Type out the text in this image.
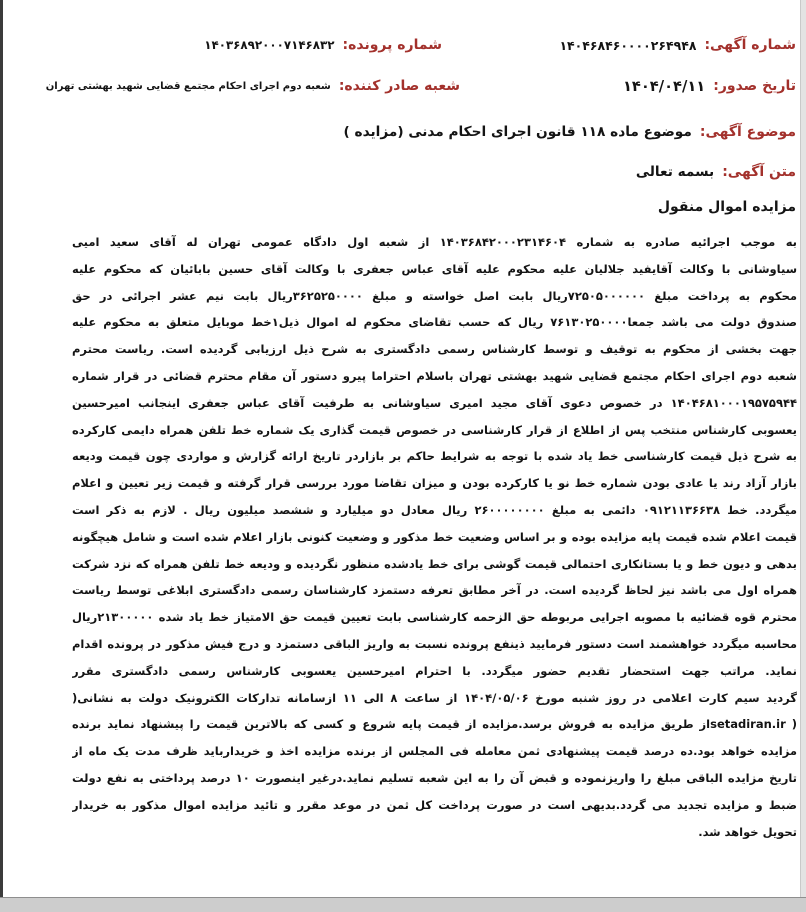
شماره آگهی:
۱۴۰۴۶۸۴۶۰۰۰۰۲۶۴۹۴۸
شماره پرونده:
۱۴۰۳۶۸۹۲۰۰۰۷۱۴۶۸۳۲
تاریخ صدور:
۱۴۰۴/۰۴/۱۱
شعبه صادر کننده:
شعبه دوم اجرای احکام مجتمع قضایی شهید بهشتی تهران
موضوع آگهی:
موضوع ماده ۱۱۸ قانون اجرای احکام مدنی (مزایده )
متن آگهی:
بسمه تعالی
مزایده اموال منقول
به موجب اجرائیه صادره به شماره ۱۴۰۳۶۸۴۲۰۰۰۲۳۱۴۶۰۴ از شعبه اول دادگاه عمومی تهران له آقای سعید امیی
سیاوشانی با وکالت آقایفید جلالیان علیه محکوم علیه آقای عباس جعفری با وکالت آقای حسین بابائیان که محکوم علیه
محکوم به پرداخت مبلغ ۷۲۵۰۵۰۰۰۰۰۰ریال بابت اصل خواسته و مبلغ ۳۶۲۵۲۵۰۰۰۰ریال بابت نیم عشر اجرائی در حق
صندوق دولت می باشد جمعا۷۶۱۳۰۲۵۰۰۰۰ ریال که حسب تقاضای محکوم له اموال ذیل۱خط موبایل متعلق به محکوم علیه
جهت بخشی از محکوم به توقیف و توسط کارشناس رسمی دادگستری به شرح ذیل ارزیابی گردیده است. ریاست محترم
شعبه دوم اجرای احکام مجتمع قضایی شهید بهشتی تهران باسلام احتراما پیرو دستور آن مقام محترم قضائی در قرار شماره
۱۴۰۴۶۸۱۰۰۰۱۹۵۷۵۹۴۴ در خصوص دعوی آقای مجید امیری سیاوشانی به طرفیت آقای عباس جعفری اینجانب امیرحسین
یعسوبی کارشناس منتخب پس از اطلاع از قرار کارشناسی در خصوص قیمت گذاری یک شماره خط تلفن همراه دایمی کارکرده
به شرح ذیل قیمت کارشناسی خط یاد شده با توجه به شرایط حاکم بر بازاردر تاریخ ارائه گزارش و مواردی چون قیمت ودیعه
بازار آزاد رند یا عادی بودن شماره خط نو یا کارکرده بودن و میزان تقاضا مورد بررسی قرار گرفته و قیمت زیر تعیین و اعلام
میگردد. خط ۰۹۱۲۱۱۳۶۶۳۸ دائمی به مبلغ ۲۶۰۰۰۰۰۰۰۰ ریال معادل دو میلیارد و ششصد میلیون ریال . لازم به ذکر است
قیمت اعلام شده قیمت پایه مزایده بوده و بر اساس وضعیت خط مذکور و وضعیت کنونی بازار اعلام شده است و شامل هیچگونه
بدهی و دیون خط و یا بستانکاری احتمالی قیمت گوشی برای خط یادشده منظور نگردیده و ودیعه خط تلفن همراه که نزد شرکت
همراه اول می باشد نیز لحاظ گردیده است. در آخر مطابق تعرفه دستمزد کارشناسان رسمی دادگستری ابلاغی توسط ریاست
محترم قوه قضائیه با مصوبه اجرایی مربوطه حق الزحمه کارشناسی بابت تعیین قیمت حق الامتیاز خط یاد شده ۲۱۳۰۰۰۰۰ریال
محاسبه میگردد خواهشمند است دستور فرمایید ذینفع پرونده نسبت به واریز الباقی دستمزد و درج فیش مذکور در پرونده اقدام
نماید. مراتب جهت استحضار تقدیم حضور میگردد. با احترام امیرحسین یعسوبی کارشناس رسمی دادگستری مقرر
گردید سیم کارت اعلامی در روز شنبه مورخ ۱۴۰۴/۰۵/۰۶ از ساعت ۸ الی ۱۱ ازسامانه تدارکات الکترونیک دولت به نشانی(
( setadiran.irاز طریق مزایده به فروش برسد.مزایده از قیمت پایه شروع و کسی که بالاترین قیمت را پیشنهاد نماید برنده
مزایده خواهد بود.ده درصد قیمت پیشنهادی ثمن معامله فی المجلس از برنده مزایده اخذ و خریدارباید ظرف مدت یک ماه از
تاریخ مزایده الباقی مبلغ را واریزنموده و قبض آن را به این شعبه تسلیم نماید.درغیر اینصورت ۱۰ درصد پرداختی به نفع دولت
ضبط و مزایده تجدید می گردد.بدیهی است در صورت پرداخت کل ثمن در موعد مقرر و تائید مزایده اموال مذکور به خریدار
تحویل خواهد شد.
